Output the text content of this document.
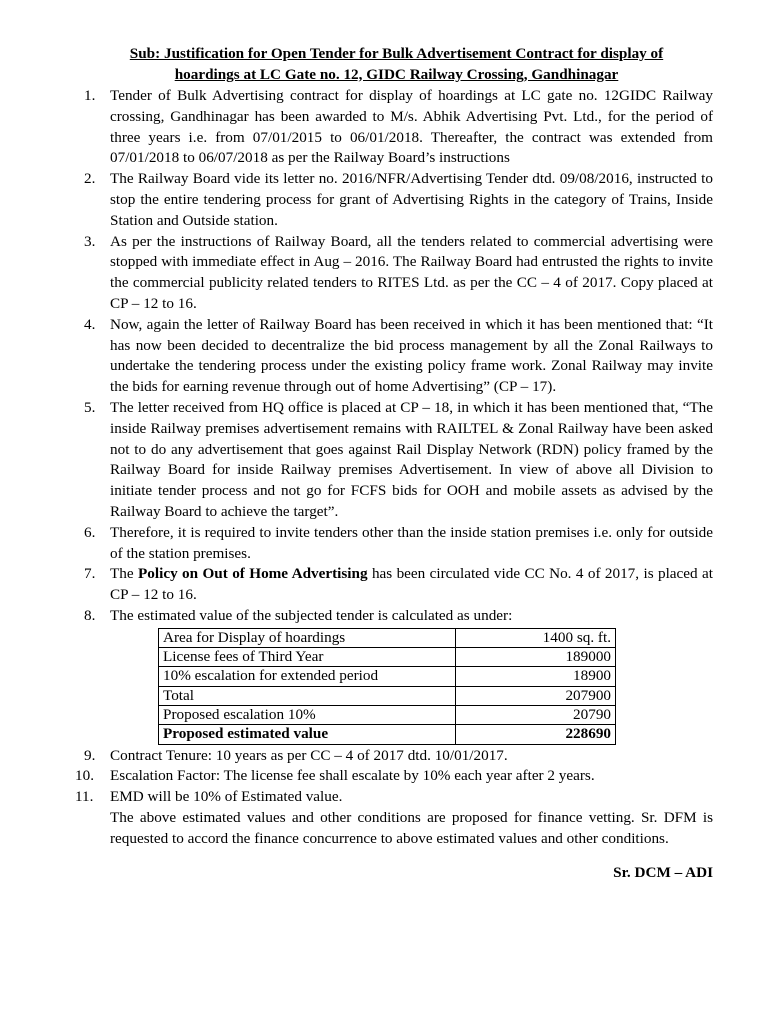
Sub: Justification for Open Tender for Bulk Advertisement Contract for display of
hoardings at LC Gate no. 12, GIDC Railway Crossing, Gandhinagar
1. Tender of Bulk Advertising contract for display of hoardings at LC gate no. 12GIDC Railway crossing, Gandhinagar has been awarded to M/s. Abhik Advertising Pvt. Ltd., for the period of three years i.e. from 07/01/2015 to 06/01/2018. Thereafter, the contract was extended from 07/01/2018 to 06/07/2018 as per the Railway Board’s instructions
2. The Railway Board vide its letter no. 2016/NFR/Advertising Tender dtd. 09/08/2016, instructed to stop the entire tendering process for grant of Advertising Rights in the category of Trains, Inside Station and Outside station.
3. As per the instructions of Railway Board, all the tenders related to commercial advertising were stopped with immediate effect in Aug – 2016. The Railway Board had entrusted the rights to invite the commercial publicity related tenders to RITES Ltd. as per the CC – 4 of 2017. Copy placed at CP – 12 to 16.
4. Now, again the letter of Railway Board has been received in which it has been mentioned that: “It has now been decided to decentralize the bid process management by all the Zonal Railways to undertake the tendering process under the existing policy frame work. Zonal Railway may invite the bids for earning revenue through out of home Advertising” (CP – 17).
5. The letter received from HQ office is placed at CP – 18, in which it has been mentioned that, “The inside Railway premises advertisement remains with RAILTEL & Zonal Railway have been asked not to do any advertisement that goes against Rail Display Network (RDN) policy framed by the Railway Board for inside Railway premises Advertisement. In view of above all Division to initiate tender process and not go for FCFS bids for OOH and mobile assets as advised by the Railway Board to achieve the target”.
6. Therefore, it is required to invite tenders other than the inside station premises i.e. only for outside of the station premises.
7. The Policy on Out of Home Advertising has been circulated vide CC No. 4 of 2017, is placed at CP – 12 to 16.
8. The estimated value of the subjected tender is calculated as under:
Area for Display of hoardings	1400 sq. ft.
License fees of Third Year	189000
10% escalation for extended period	18900
Total	207900
Proposed escalation 10%	20790
Proposed estimated value	228690
9. Contract Tenure: 10 years as per CC – 4 of 2017 dtd. 10/01/2017.
10. Escalation Factor: The license fee shall escalate by 10% each year after 2 years.
11. EMD will be 10% of Estimated value.
The above estimated values and other conditions are proposed for finance vetting. Sr. DFM is requested to accord the finance concurrence to above estimated values and other conditions.
Sr. DCM – ADI
